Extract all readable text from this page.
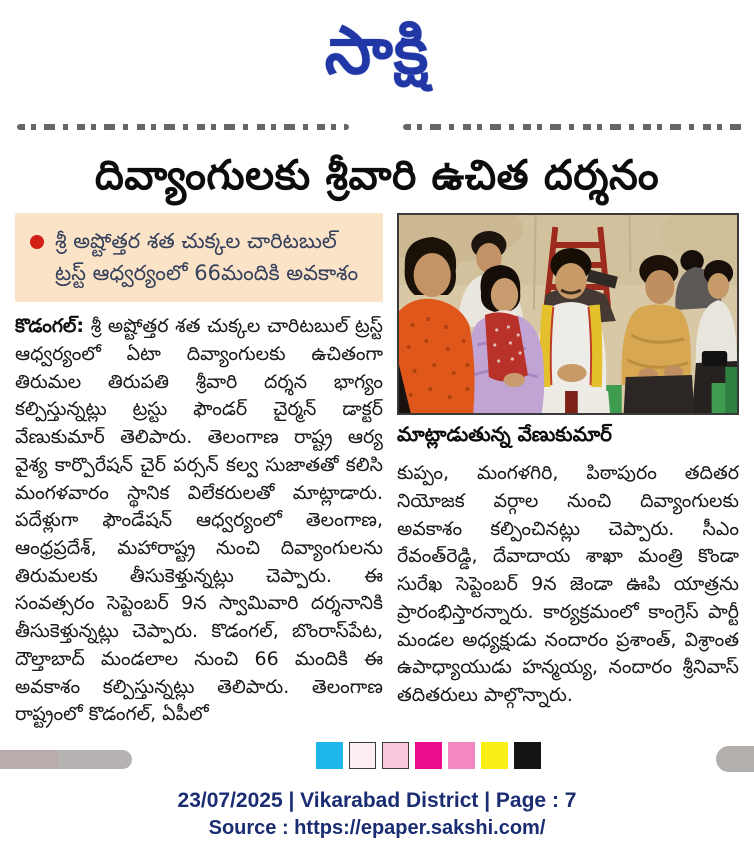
సాక్షి
దివ్యాంగులకు శ్రీవారి ఉచిత దర్శనం

శ్రీ అష్టోత్తర శత చుక్కల చారిటబుల్ ట్రస్ట్ ఆధ్వర్యంలో 66మందికి అవకాశం

కొడంగల్: శ్రీ అష్టోత్తర శత చుక్కల చారిటబుల్ ట్రస్ట్ ఆధ్వర్యంలో ఏటా దివ్యాంగులకు ఉచితంగా తిరుమల తిరుపతి శ్రీవారి దర్శన భాగ్యం కల్పిస్తున్నట్లు ట్రస్టు ఫౌండర్ చైర్మన్ డాక్టర్ వేణుకుమార్ తెలిపారు. తెలంగాణ రాష్ట్ర ఆర్య వైశ్య కార్పొరేషన్ చైర్ పర్సన్ కల్వ సుజాతతో కలిసి మంగళవారం స్థానిక విలేకరులతో మాట్లాడారు. పదేళ్లుగా ఫౌండేషన్ ఆధ్వర్యంలో తెలంగాణ, ఆంధ్రప్రదేశ్, మహారాష్ట్ర నుంచి దివ్యాంగులను తిరుమలకు తీసుకెళ్తున్నట్లు చెప్పారు. ఈ సంవత్సరం సెప్టెంబర్ 9న స్వామివారి దర్శనానికి తీసుకెళ్తున్నట్లు చెప్పారు. కొడంగల్, బొంరాస్‌పేట, దౌల్తాబాద్ మండలాల నుంచి 66 మందికి ఈ అవకాశం కల్పిస్తున్నట్లు తెలిపారు. తెలంగాణ రాష్ట్రంలో కొడంగల్, ఏపీలో

మాట్లాడుతున్న వేణుకుమార్

కుప్పం, మంగళగిరి, పిఠాపురం తదితర నియోజక వర్గాల నుంచి దివ్యాంగులకు అవకాశం కల్పించినట్లు చెప్పారు. సీఎం రేవంత్‌రెడ్డి, దేవాదాయ శాఖా మంత్రి కొండా సురేఖ సెప్టెంబర్ 9న జెండా ఊపి యాత్రను ప్రారంభిస్తారన్నారు. కార్యక్రమంలో కాంగ్రెస్ పార్టీ మండల అధ్యక్షుడు నందారం ప్రశాంత్, విశ్రాంత ఉపాధ్యాయుడు హన్మయ్య, నందారం శ్రీనివాస్ తదితరులు పాల్గొన్నారు.

23/07/2025 | Vikarabad District | Page : 7
Source : https://epaper.sakshi.com/
